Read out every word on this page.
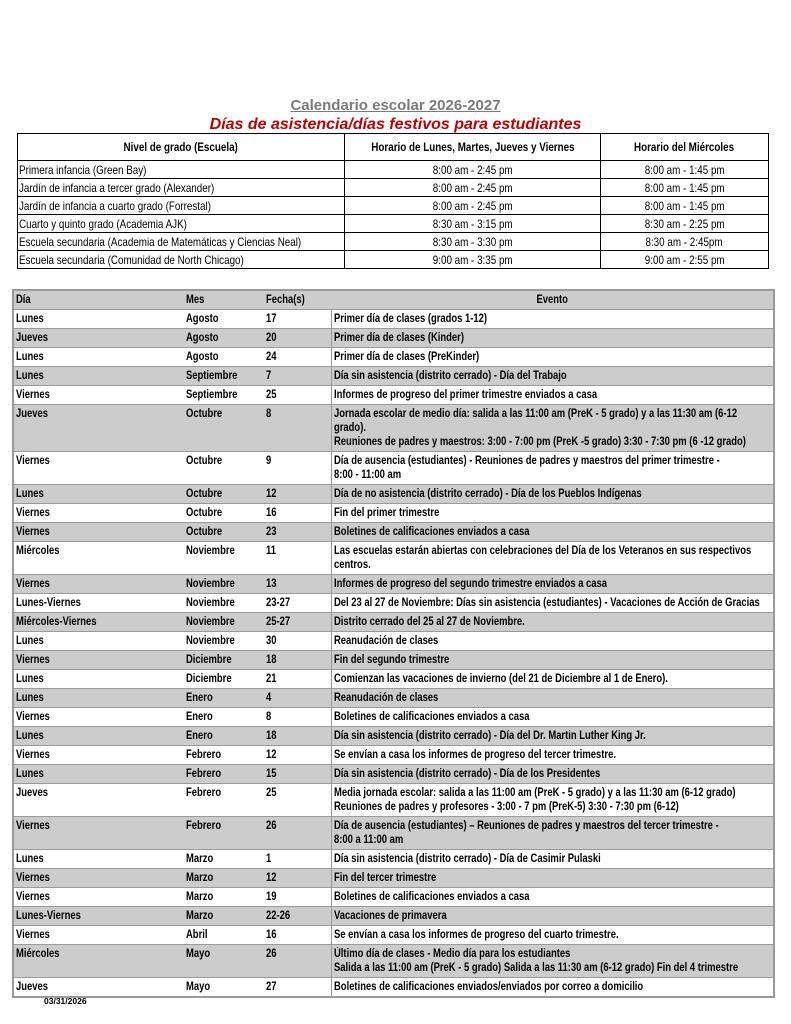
Calendario escolar 2026-2027
Días de asistencia/días festivos para estudiantes
Nivel de grado (Escuela)	Horario de Lunes, Martes, Jueves y Viernes	Horario del Miércoles
Primera infancia (Green Bay)	8:00 am - 2:45 pm	8:00 am - 1:45 pm
Jardín de infancia a tercer grado (Alexander)	8:00 am - 2:45 pm	8:00 am - 1:45 pm
Jardín de infancia a cuarto grado (Forrestal)	8:00 am - 2:45 pm	8:00 am - 1:45 pm
Cuarto y quinto grado (Academia AJK)	8:30 am - 3:15 pm	8:30 am - 2:25 pm
Escuela secundaria (Academia de Matemáticas y Ciencias Neal)	8:30 am - 3:30 pm	8:30 am - 2:45pm
Escuela secundaria (Comunidad de North Chicago)	9:00 am - 3:35 pm	9:00 am - 2:55 pm
Día	Mes	Fecha(s)	Evento
Lunes	Agosto	17	Primer día de clases (grados 1-12)
Jueves	Agosto	20	Primer día de clases (Kinder)
Lunes	Agosto	24	Primer día de clases (PreKinder)
Lunes	Septiembre	7	Día sin asistencia (distrito cerrado) - Día del Trabajo
Viernes	Septiembre	25	Informes de progreso del primer trimestre enviados a casa
Jueves	Octubre	8	Jornada escolar de medio día: salida a las 11:00 am (PreK - 5 grado) y a las 11:30 am (6-12 grado).
Reuniones de padres y maestros: 3:00 - 7:00 pm (PreK -5 grado) 3:30 - 7:30 pm (6 -12 grado)
Viernes	Octubre	9	Día de ausencia (estudiantes) - Reuniones de padres y maestros del primer trimestre -
8:00 - 11:00 am
Lunes	Octubre	12	Día de no asistencia (distrito cerrado) - Día de los Pueblos Indígenas
Viernes	Octubre	16	Fin del primer trimestre
Viernes	Octubre	23	Boletines de calificaciones enviados a casa
Miércoles	Noviembre	11	Las escuelas estarán abiertas con celebraciones del Día de los Veteranos en sus respectivos
centros.
Viernes	Noviembre	13	Informes de progreso del segundo trimestre enviados a casa
Lunes-Viernes	Noviembre	23-27	Del 23 al 27 de Noviembre: Días sin asistencia (estudiantes) - Vacaciones de Acción de Gracias
Miércoles-Viernes	Noviembre	25-27	Distrito cerrado del 25 al 27 de Noviembre.
Lunes	Noviembre	30	Reanudación de clases
Viernes	Diciembre	18	Fin del segundo trimestre
Lunes	Diciembre	21	Comienzan las vacaciones de invierno (del 21 de Diciembre al 1 de Enero).
Lunes	Enero	4	Reanudación de clases
Viernes	Enero	8	Boletines de calificaciones enviados a casa
Lunes	Enero	18	Día sin asistencia (distrito cerrado) - Día del Dr. Martin Luther King Jr.
Viernes	Febrero	12	Se envían a casa los informes de progreso del tercer trimestre.
Lunes	Febrero	15	Día sin asistencia (distrito cerrado) - Día de los Presidentes
Jueves	Febrero	25	Media jornada escolar: salida a las 11:00 am (PreK - 5 grado) y a las 11:30 am (6-12 grado)
Reuniones de padres y profesores - 3:00 - 7 pm (PreK-5) 3:30 - 7:30 pm (6-12)
Viernes	Febrero	26	Día de ausencia (estudiantes) – Reuniones de padres y maestros del tercer trimestre -
8:00 a 11:00 am
Lunes	Marzo	1	Día sin asistencia (distrito cerrado) - Día de Casimir Pulaski
Viernes	Marzo	12	Fin del tercer trimestre
Viernes	Marzo	19	Boletines de calificaciones enviados a casa
Lunes-Viernes	Marzo	22-26	Vacaciones de primavera
Viernes	Abril	16	Se envían a casa los informes de progreso del cuarto trimestre.
Miércoles	Mayo	26	Último día de clases - Medio día para los estudiantes
Salida a las 11:00 am (PreK - 5 grado) Salida a las 11:30 am (6-12 grado) Fin del 4 trimestre
Jueves	Mayo	27	Boletines de calificaciones enviados/enviados por correo a domicilio
03/31/2026
